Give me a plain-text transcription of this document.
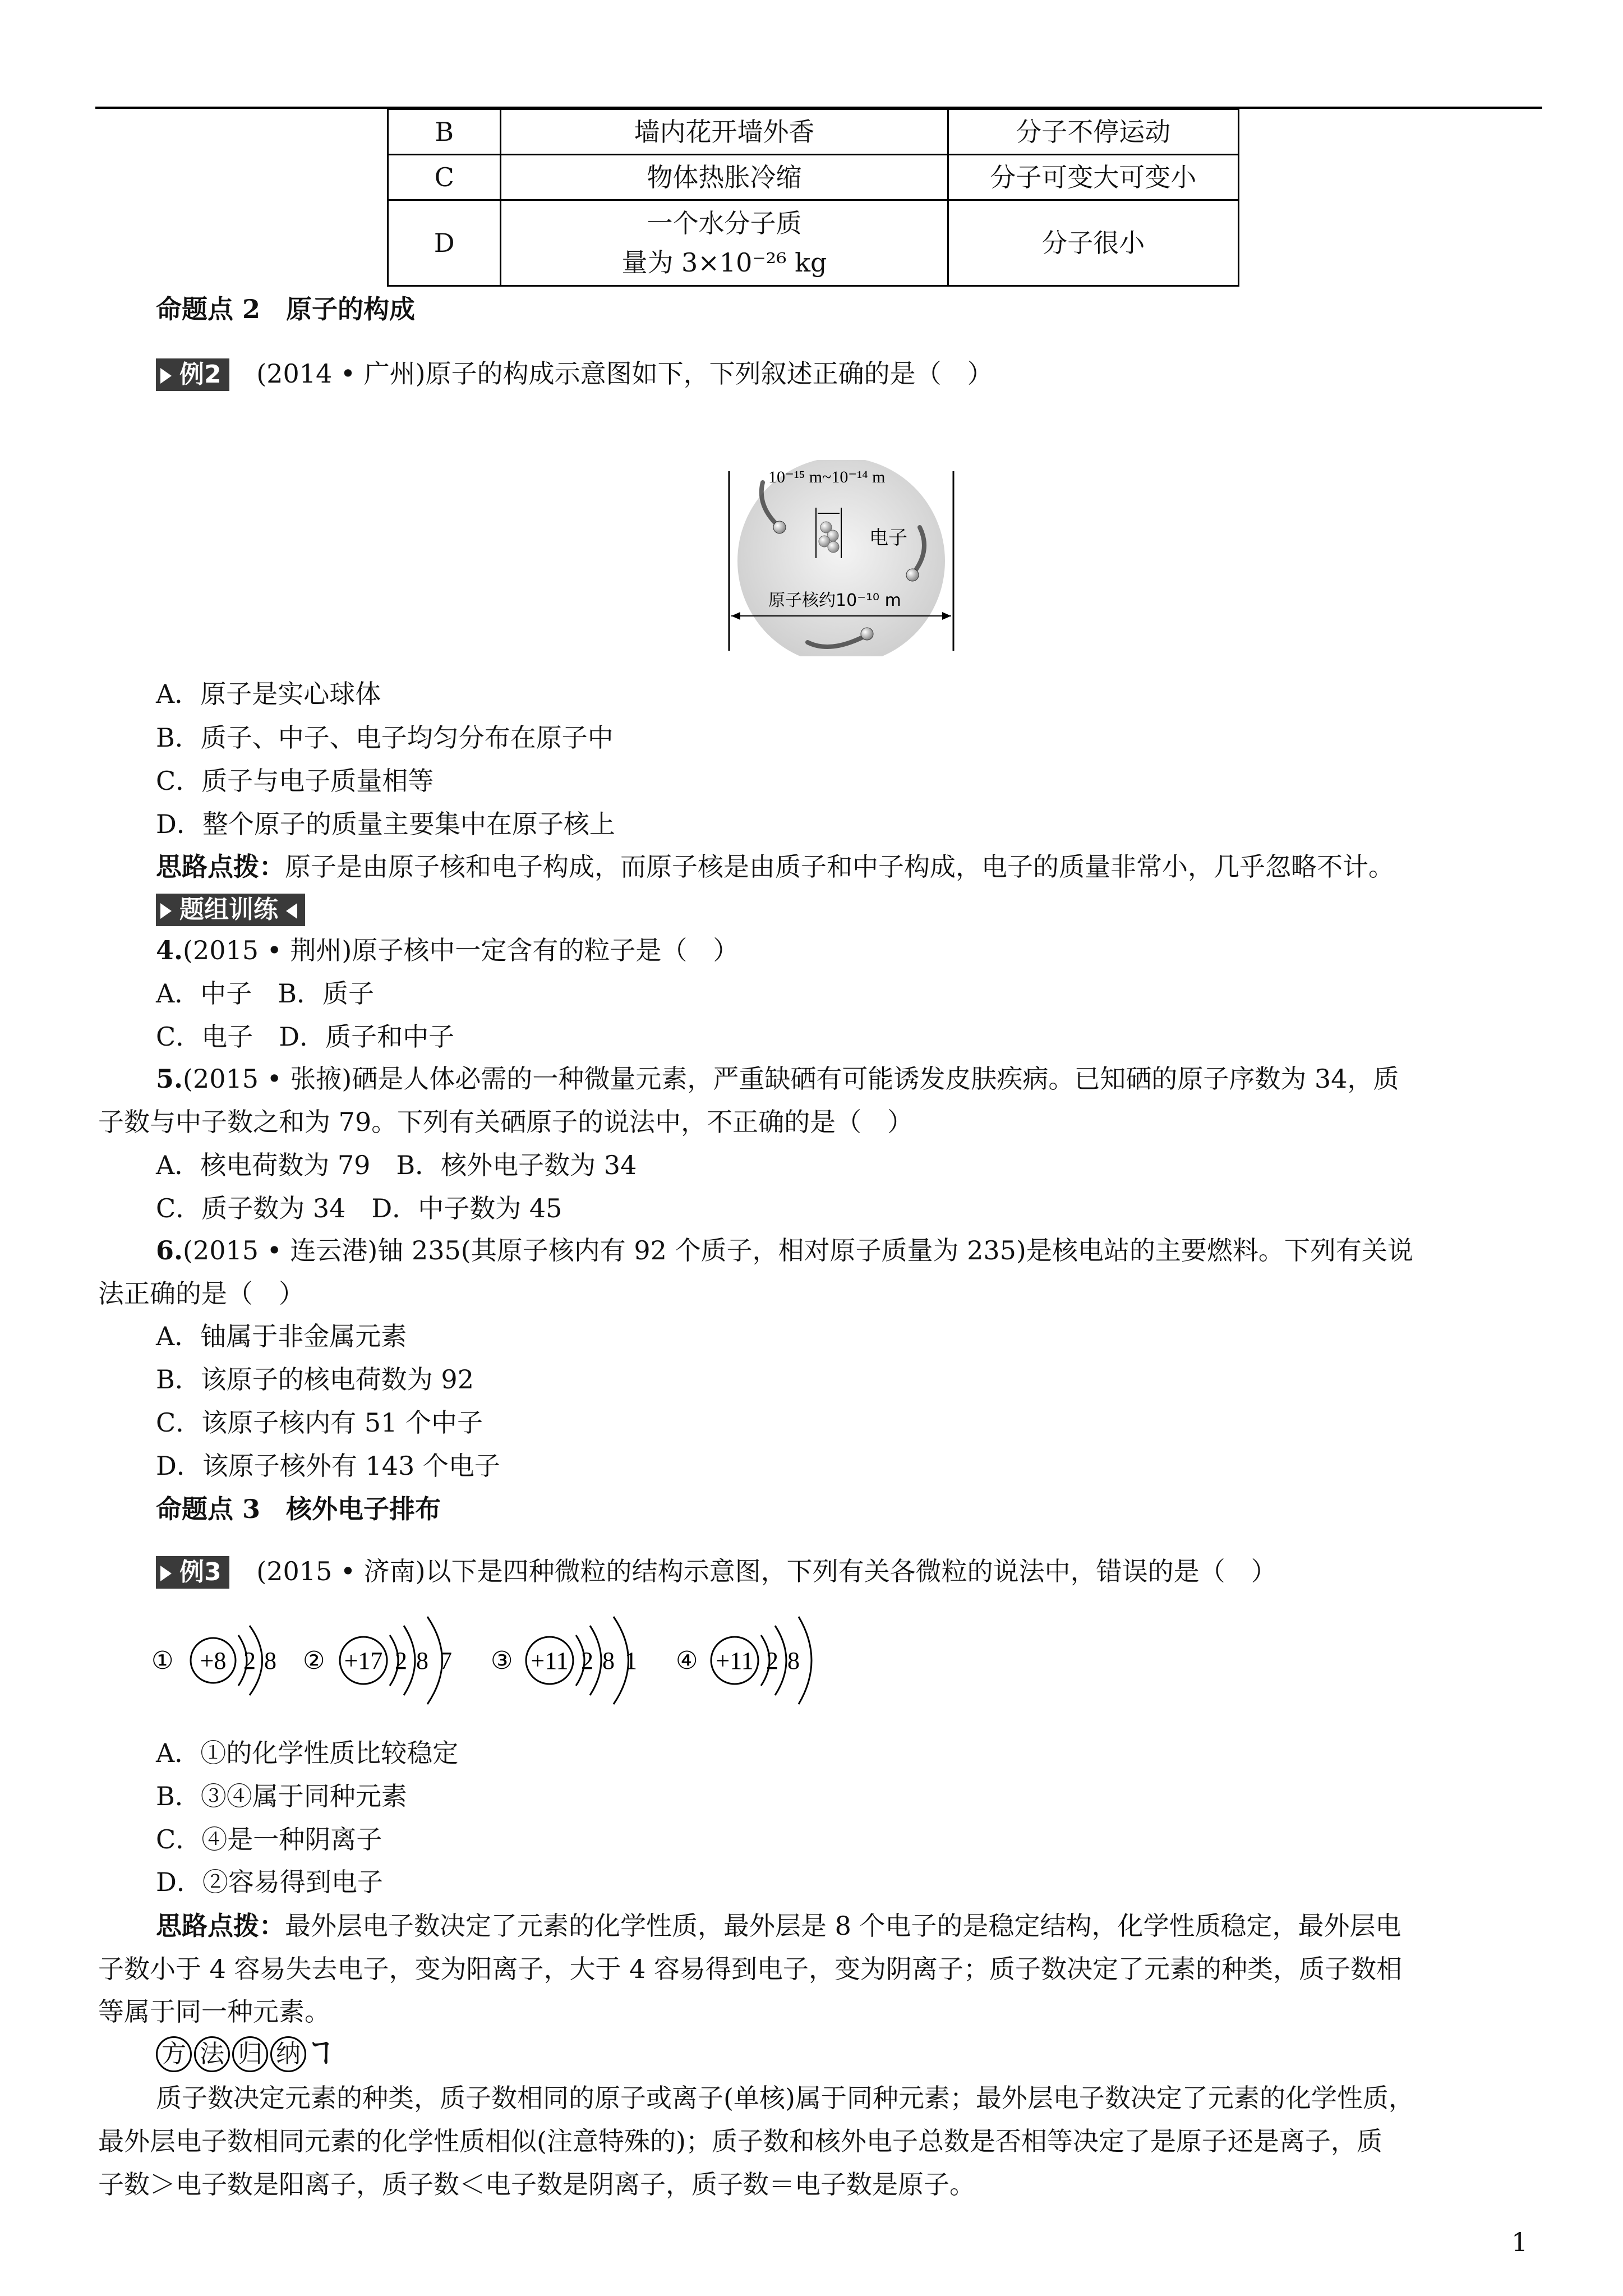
B	墙内花开墙外香	分子不停运动
C	物体热胀冷缩	分子可变大可变小
D	一个水分子质
量为 3×10⁻²⁶ kg	分子很小
命题点 2　原子的构成
例2 (2014 • 广州)原子的构成示意图如下，下列叙述正确的是（　）
10⁻¹⁵ m~10⁻¹⁴ m
电子
原子核约10⁻¹⁰ m
A．原子是实心球体
B．质子、中子、电子均匀分布在原子中
C．质子与电子质量相等
D．整个原子的质量主要集中在原子核上
思路点拨：原子是由原子核和电子构成，而原子核是由质子和中子构成，电子的质量非常小，几乎忽略不计。
题组训练
4.(2015 • 荆州)原子核中一定含有的粒子是（　）
A．中子　B．质子
C．电子　D．质子和中子
5.(2015 • 张掖)硒是人体必需的一种微量元素，严重缺硒有可能诱发皮肤疾病。已知硒的原子序数为 34，质
子数与中子数之和为 79。下列有关硒原子的说法中，不正确的是（　）
A．核电荷数为 79　B．核外电子数为 34
C．质子数为 34　D．中子数为 45
6.(2015 • 连云港)铀 235(其原子核内有 92 个质子，相对原子质量为 235)是核电站的主要燃料。下列有关说
法正确的是（　）
A．铀属于非金属元素
B．该原子的核电荷数为 92
C．该原子核内有 51 个中子
D．该原子核外有 143 个电子
命题点 3　核外电子排布
例3 (2015 • 济南)以下是四种微粒的结构示意图，下列有关各微粒的说法中，错误的是（　）
① +8 2 8 ② +17 2 8 7 ③ +11 2 8 1 ④ +11 2 8
A．①的化学性质比较稳定
B．③④属于同种元素
C．④是一种阴离子
D．②容易得到电子
思路点拨：最外层电子数决定了元素的化学性质，最外层是 8 个电子的是稳定结构，化学性质稳定，最外层电
子数小于 4 容易失去电子，变为阳离子，大于 4 容易得到电子，变为阴离子；质子数决定了元素的种类，质子数相
等属于同一种元素。
方 法 归 纳 ヿ
质子数决定元素的种类，质子数相同的原子或离子(单核)属于同种元素；最外层电子数决定了元素的化学性质，
最外层电子数相同元素的化学性质相似(注意特殊的)；质子数和核外电子总数是否相等决定了是原子还是离子，质
子数＞电子数是阳离子，质子数＜电子数是阴离子，质子数＝电子数是原子。
1
